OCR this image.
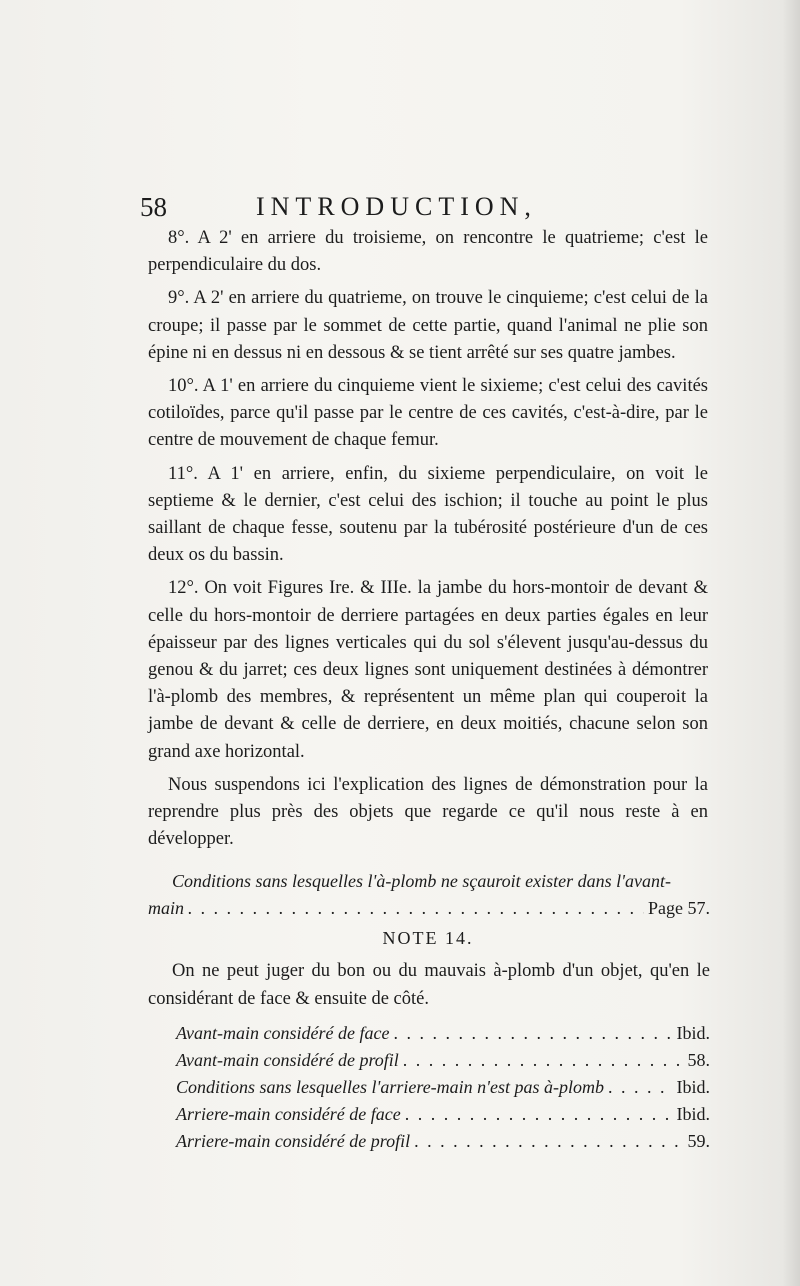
58	INTRODUCTION,

8°. A 2' en arriere du troisieme, on rencontre le quatrieme; c'est le perpendiculaire du dos.

9°. A 2' en arriere du quatrieme, on trouve le cinquieme; c'est celui de la croupe; il passe par le sommet de cette partie, quand l'animal ne plie son épine ni en dessus ni en dessous & se tient arrêté sur ses quatre jambes.

10°. A 1' en arriere du cinquieme vient le sixieme; c'est celui des cavités cotiloïdes, parce qu'il passe par le centre de ces cavités, c'est-à-dire, par le centre de mouvement de chaque femur.

11°. A 1' en arriere, enfin, du sixieme perpendiculaire, on voit le septieme & le dernier, c'est celui des ischion; il touche au point le plus saillant de chaque fesse, soutenu par la tubérosité postérieure d'un de ces deux os du bassin.

12°. On voit Figures Ire. & IIIe. la jambe du hors-montoir de devant & celle du hors-montoir de derriere partagées en deux parties égales en leur épaisseur par des lignes verticales qui du sol s'élevent jusqu'au-dessus du genou & du jarret; ces deux lignes sont uniquement destinées à démontrer l'à-plomb des membres, & représentent un même plan qui couperoit la jambe de devant & celle de derriere, en deux moitiés, chacune selon son grand axe horizontal.

Nous suspendons ici l'explication des lignes de démonstration pour la reprendre plus près des objets que regarde ce qu'il nous reste à en développer.

Conditions sans lesquelles l'à-plomb ne sçauroit exister dans l'avant-
main . . .	Page 57.
NOTE 14.

On ne peut juger du bon ou du mauvais à-plomb d'un objet, qu'en le considérant de face & ensuite de côté.

Avant-main considéré de face . . .	Ibid.
Avant-main considéré de profil . . .	58.
Conditions sans lesquelles l'arriere-main n'est pas à-plomb . . .	Ibid.
Arriere-main considéré de face . . .	Ibid.
Arriere-main considéré de profil . . .	59.
